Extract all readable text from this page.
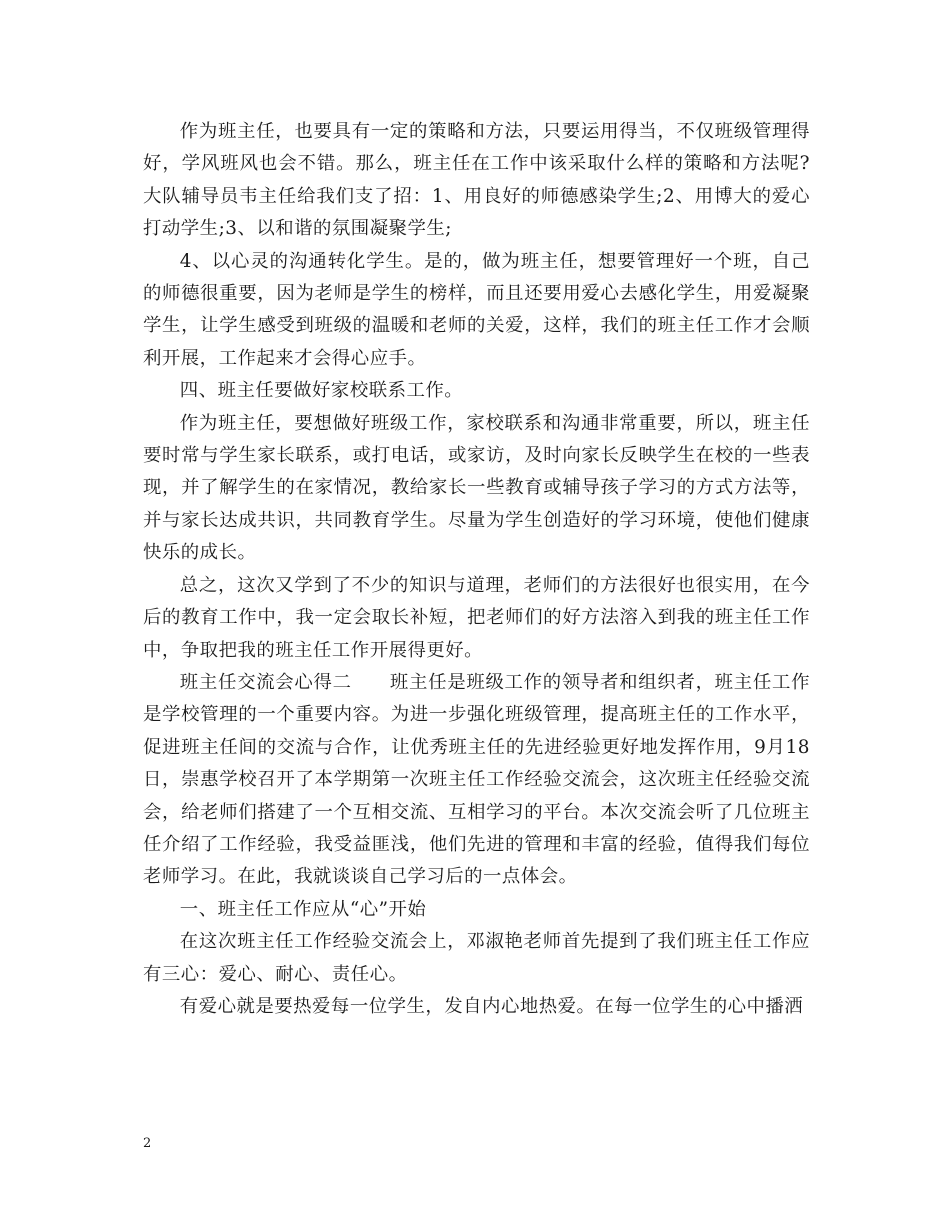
作为班主任，也要具有一定的策略和方法，只要运用得当，不仅班级管理得好，学风班风也会不错。那么，班主任在工作中该采取什么样的策略和方法呢?大队辅导员韦主任给我们支了招：1、用良好的师德感染学生;2、用博大的爱心打动学生;3、以和谐的氛围凝聚学生;

4、以心灵的沟通转化学生。是的，做为班主任，想要管理好一个班，自己的师德很重要，因为老师是学生的榜样，而且还要用爱心去感化学生，用爱凝聚学生，让学生感受到班级的温暖和老师的关爱，这样，我们的班主任工作才会顺利开展，工作起来才会得心应手。

四、班主任要做好家校联系工作。

作为班主任，要想做好班级工作，家校联系和沟通非常重要，所以，班主任要时常与学生家长联系，或打电话，或家访，及时向家长反映学生在校的一些表现，并了解学生的在家情况，教给家长一些教育或辅导孩子学习的方式方法等，并与家长达成共识，共同教育学生。尽量为学生创造好的学习环境，使他们健康快乐的成长。

总之，这次又学到了不少的知识与道理，老师们的方法很好也很实用，在今后的教育工作中，我一定会取长补短，把老师们的好方法溶入到我的班主任工作中，争取把我的班主任工作开展得更好。

班主任交流会心得二　　班主任是班级工作的领导者和组织者，班主任工作是学校管理的一个重要内容。为进一步强化班级管理，提高班主任的工作水平，促进班主任间的交流与合作，让优秀班主任的先进经验更好地发挥作用，9月18日，崇惠学校召开了本学期第一次班主任工作经验交流会，这次班主任经验交流会，给老师们搭建了一个互相交流、互相学习的平台。本次交流会听了几位班主任介绍了工作经验，我受益匪浅，他们先进的管理和丰富的经验，值得我们每位老师学习。在此，我就谈谈自己学习后的一点体会。

一、班主任工作应从“心”开始

在这次班主任工作经验交流会上，邓淑艳老师首先提到了我们班主任工作应有三心：爱心、耐心、责任心。

有爱心就是要热爱每一位学生，发自内心地热爱。在每一位学生的心中播洒

2
